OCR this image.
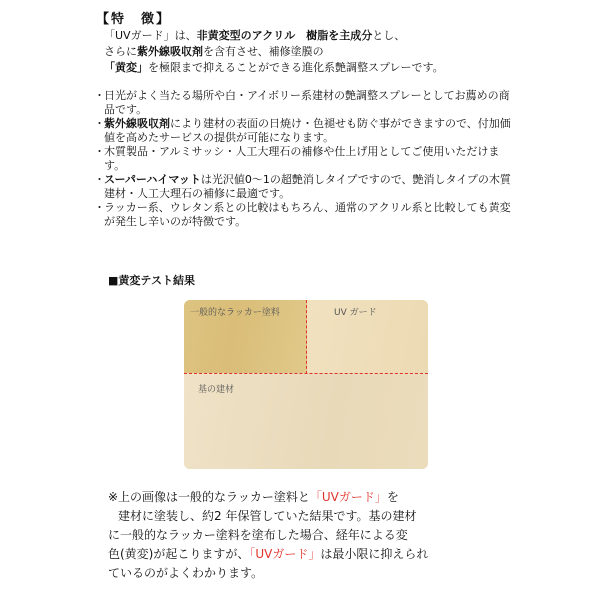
【特　徴】
「UVガード」は、非黄変型のアクリル　樹脂を主成分とし、
さらに紫外線吸収剤を含有させ、補修塗膜の
「黄変」を極限まで抑えることができる進化系艶調整スプレーです。
・ 日光がよく当たる場所や白・アイボリー系建材の艶調整スプレーとしてお薦めの商品です。
・ 紫外線吸収剤により建材の表面の日焼け・色褪せも防ぐ事ができますので、付加価値を高めたサービスの提供が可能になります。
・ 木質製品・アルミサッシ・人工大理石の補修や仕上げ用としてご使用いただけます。
・ スーパーハイマットは光沢値0〜1の超艶消しタイプですので、艶消しタイプの木質建材・人工大理石の補修に最適です。
・ ラッカー系、ウレタン系との比較はもちろん、通常のアクリル系と比較しても黄変が発生し辛いのが特徴です。
■黄変テスト結果
一般的なラッカー塗料	UV ガード
基の建材
※上の画像は一般的なラッカー塗料と「UVガード」を
建材に塗装し、約2 年保管していた結果です。基の建材
に一般的なラッカー塗料を塗布した場合、経年による変
色(黄変)が起こりますが、「UVガード」は最小限に抑えられ
ているのがよくわかります。
